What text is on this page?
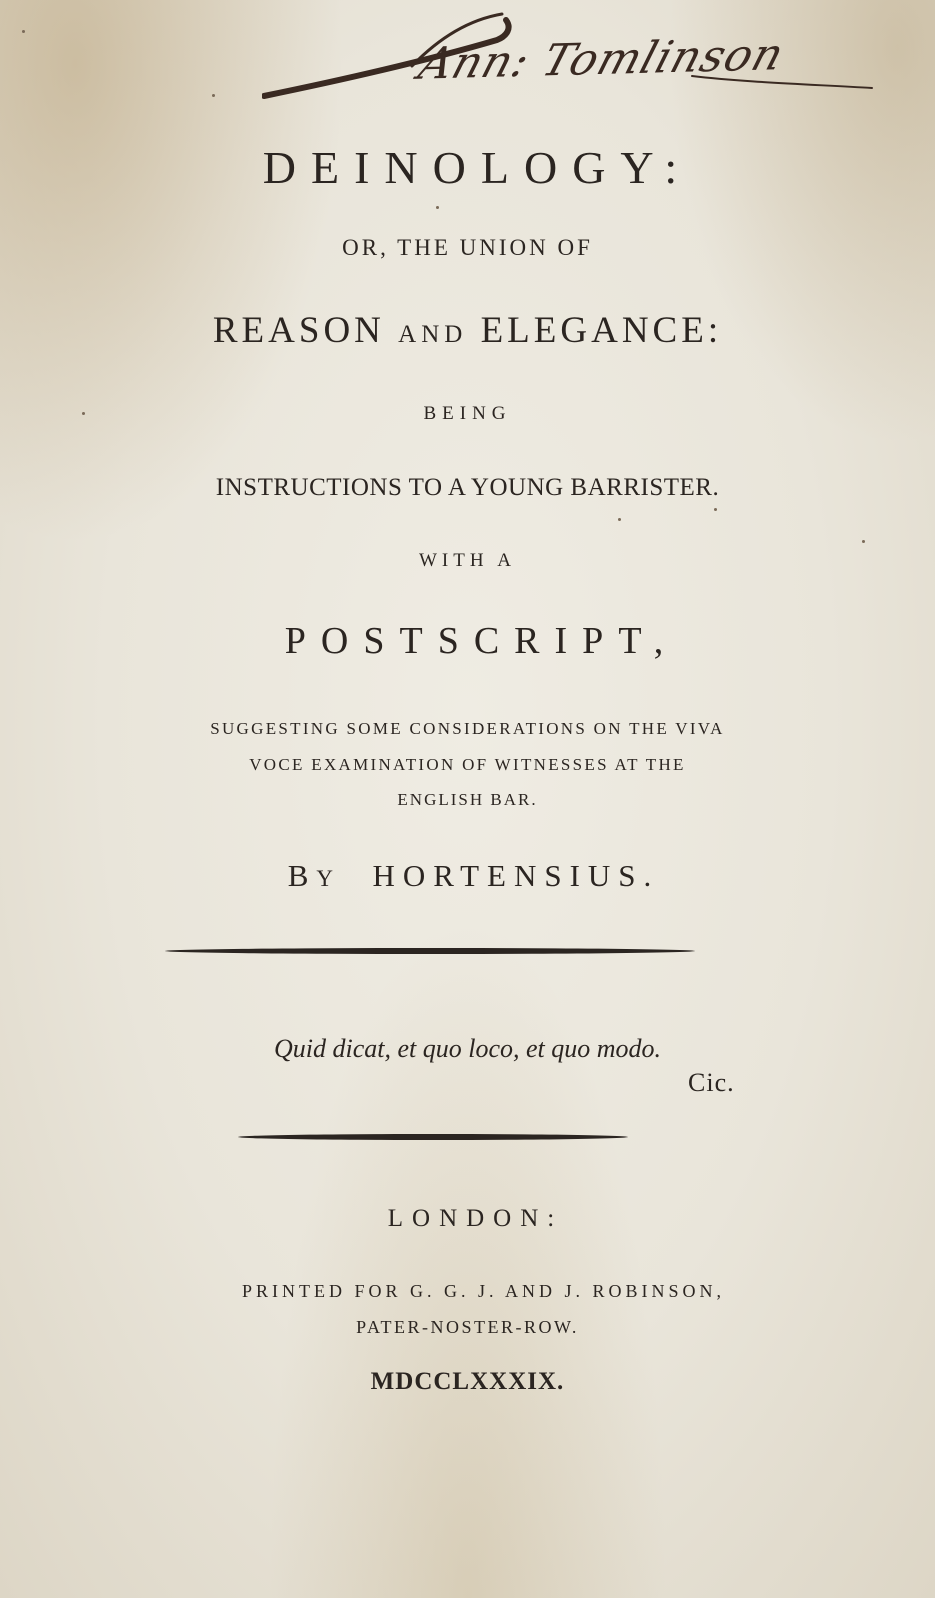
Ann: Tomlinson

DEINOLOGY:

OR, THE UNION OF

REASON AND ELEGANCE:

BEING

INSTRUCTIONS TO A YOUNG BARRISTER.

WITH A

POSTSCRIPT,

SUGGESTING SOME CONSIDERATIONS ON THE VIVA

VOCE EXAMINATION OF WITNESSES AT THE

ENGLISH BAR.

BY HORTENSIUS.

Quid dicat, et quo loco, et quo modo.

Cic.

LONDON:

PRINTED FOR G. G. J. AND J. ROBINSON,

PATER-NOSTER-ROW.

MDCCLXXXIX.
